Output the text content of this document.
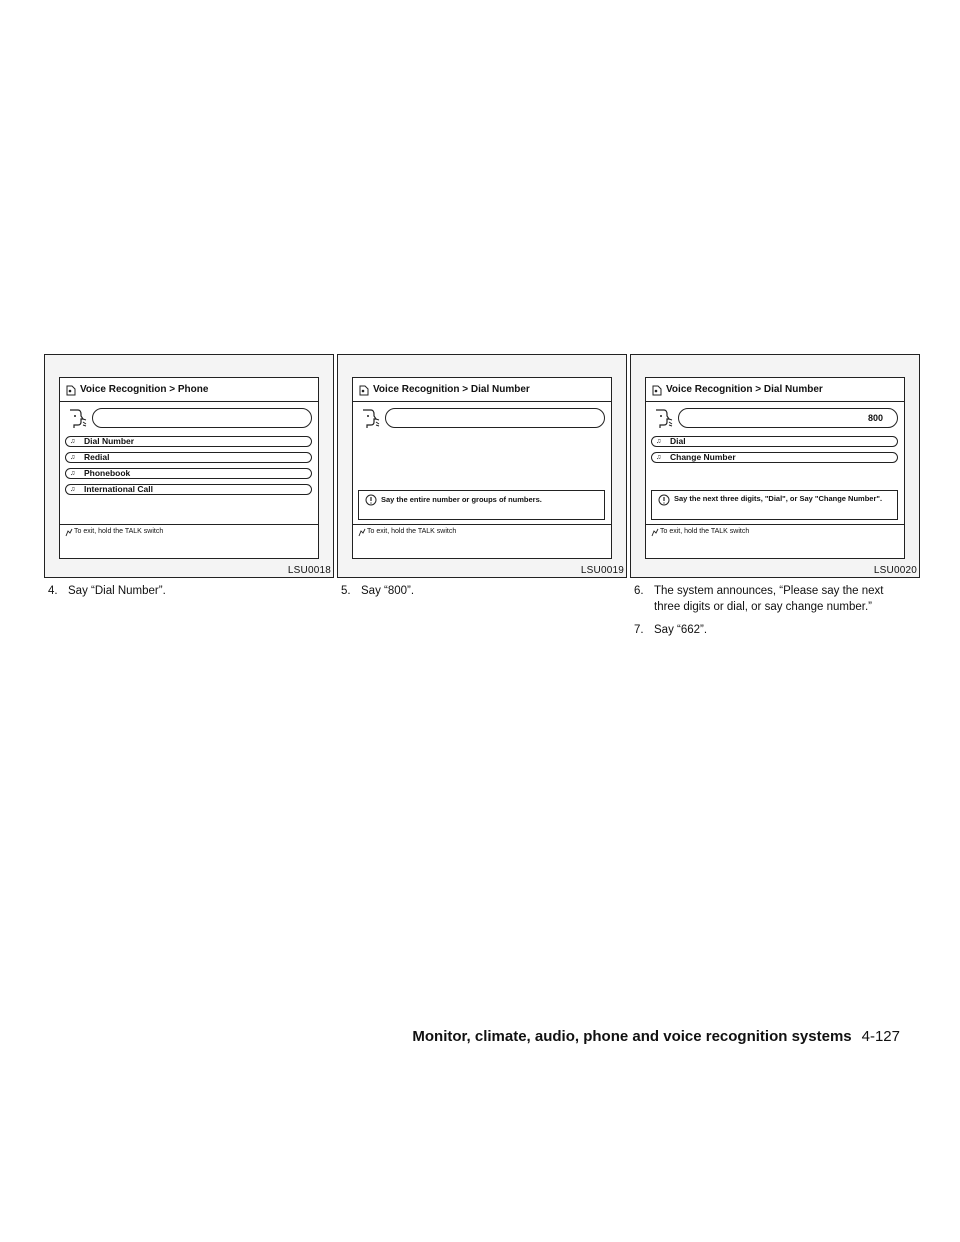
Voice Recognition > Phone
♫ Dial Number
♫ Redial
♫ Phonebook
♫ International Call
To exit, hold the TALK switch
LSU0018
Voice Recognition > Dial Number
Say the entire number or groups of numbers.
To exit, hold the TALK switch
LSU0019
Voice Recognition > Dial Number
800
♫ Dial
♫ Change Number
Say the next three digits, "Dial", or Say "Change Number".
To exit, hold the TALK switch
LSU0020
4. Say “Dial Number”.	5. Say “800”.	6. The system announces, “Please say the next three digits or dial, or say change number.”
7. Say “662”.
Monitor, climate, audio, phone and voice recognition systems 4-127
